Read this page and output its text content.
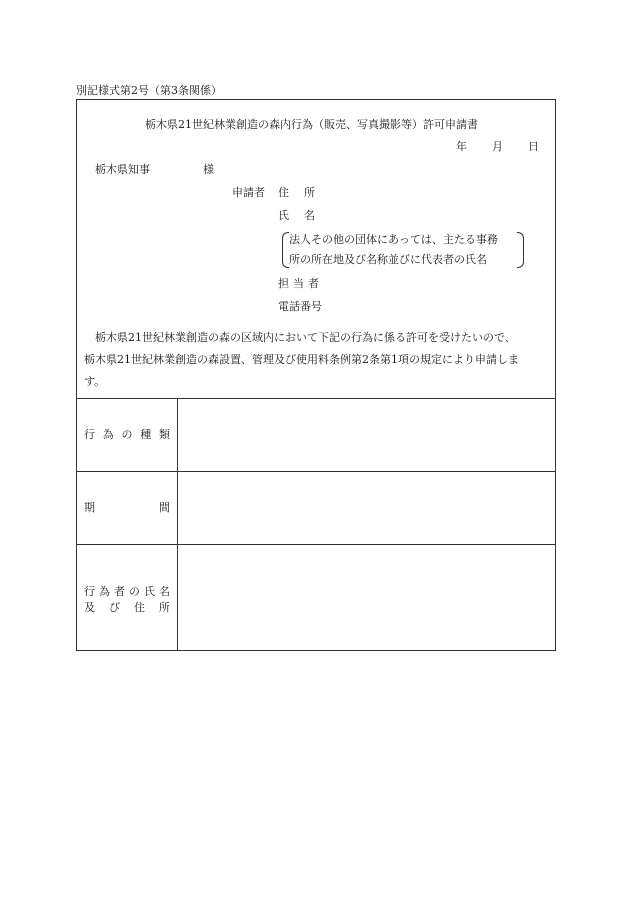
別記様式第2号（第3条関係）
栃木県21世紀林業創造の森内行為（販売、写真撮影等）許可申請書
年 月 日
栃木県知事	様
申請者 住　所
氏　名
法人その他の団体にあっては、主たる事務
所の所在地及び名称並びに代表者の氏名
担当者
電話番号
栃木県21世紀林業創造の森の区域内において下記の行為に係る許可を受けたいので、
栃木県21世紀林業創造の森設置、管理及び使用料条例第2条第1項の規定により申請しま
す。
行為の種類
期間
行為者の氏名
及び住所
